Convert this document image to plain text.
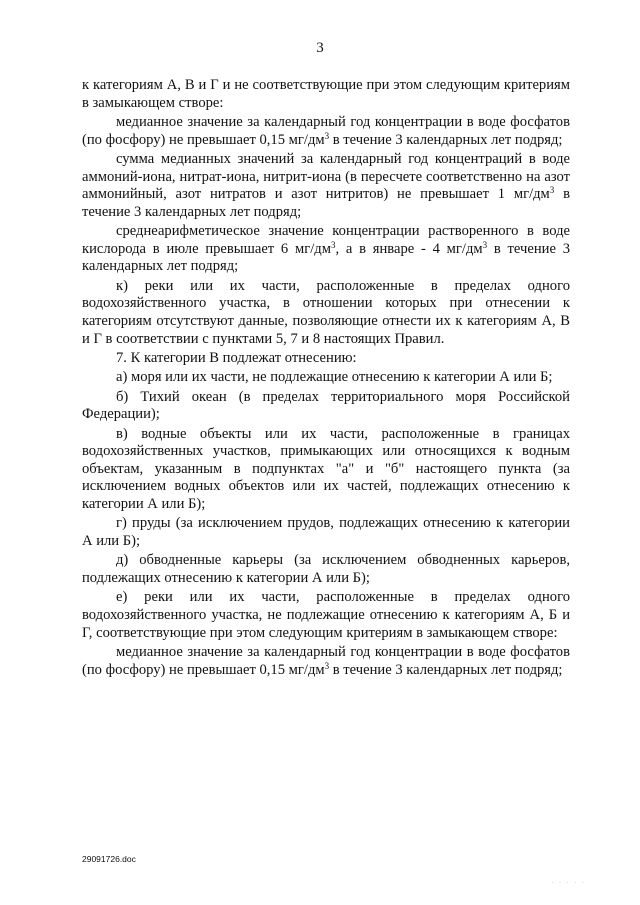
3

к категориям А, В и Г и не соответствующие при этом следующим критериям в замыкающем створе:

медианное значение за календарный год концентрации в воде фосфатов (по фосфору) не превышает 0,15 $мг/дм^3$ в течение 3 календарных лет подряд;

сумма медианных значений за календарный год концентраций в воде аммоний-иона, нитрат-иона, нитрит-иона (в пересчете соответственно на азот аммонийный, азот нитратов и азот нитритов) не превышает 1 $мг/дм^3$ в течение 3 календарных лет подряд;

среднеарифметическое значение концентрации растворенного в воде кислорода в июле превышает 6 $мг/дм^3$, а в январе - 4 $мг/дм^3$ в течение 3 календарных лет подряд;

к) реки или их части, расположенные в пределах одного водохозяйственного участка, в отношении которых при отнесении к категориям отсутствуют данные, позволяющие отнести их к категориям А, В и Г в соответствии с пунктами 5, 7 и 8 настоящих Правил.

7. К категории В подлежат отнесению:

а) моря или их части, не подлежащие отнесению к категории А или Б;

б) Тихий океан (в пределах территориального моря Российской Федерации);

в) водные объекты или их части, расположенные в границах водохозяйственных участков, примыкающих или относящихся к водным объектам, указанным в подпунктах "а" и "б" настоящего пункта (за исключением водных объектов или их частей, подлежащих отнесению к категории А или Б);

г) пруды (за исключением прудов, подлежащих отнесению к категории А или Б);

д) обводненные карьеры (за исключением обводненных карьеров, подлежащих отнесению к категории А или Б);

е) реки или их части, расположенные в пределах одного водохозяйственного участка, не подлежащие отнесению к категориям А, Б и Г, соответствующие при этом следующим критериям в замыкающем створе:

медианное значение за календарный год концентрации в воде фосфатов (по фосфору) не превышает 0,15 $мг/дм^3$ в течение 3 календарных лет подряд;

29091726.doc
· · · · ·
